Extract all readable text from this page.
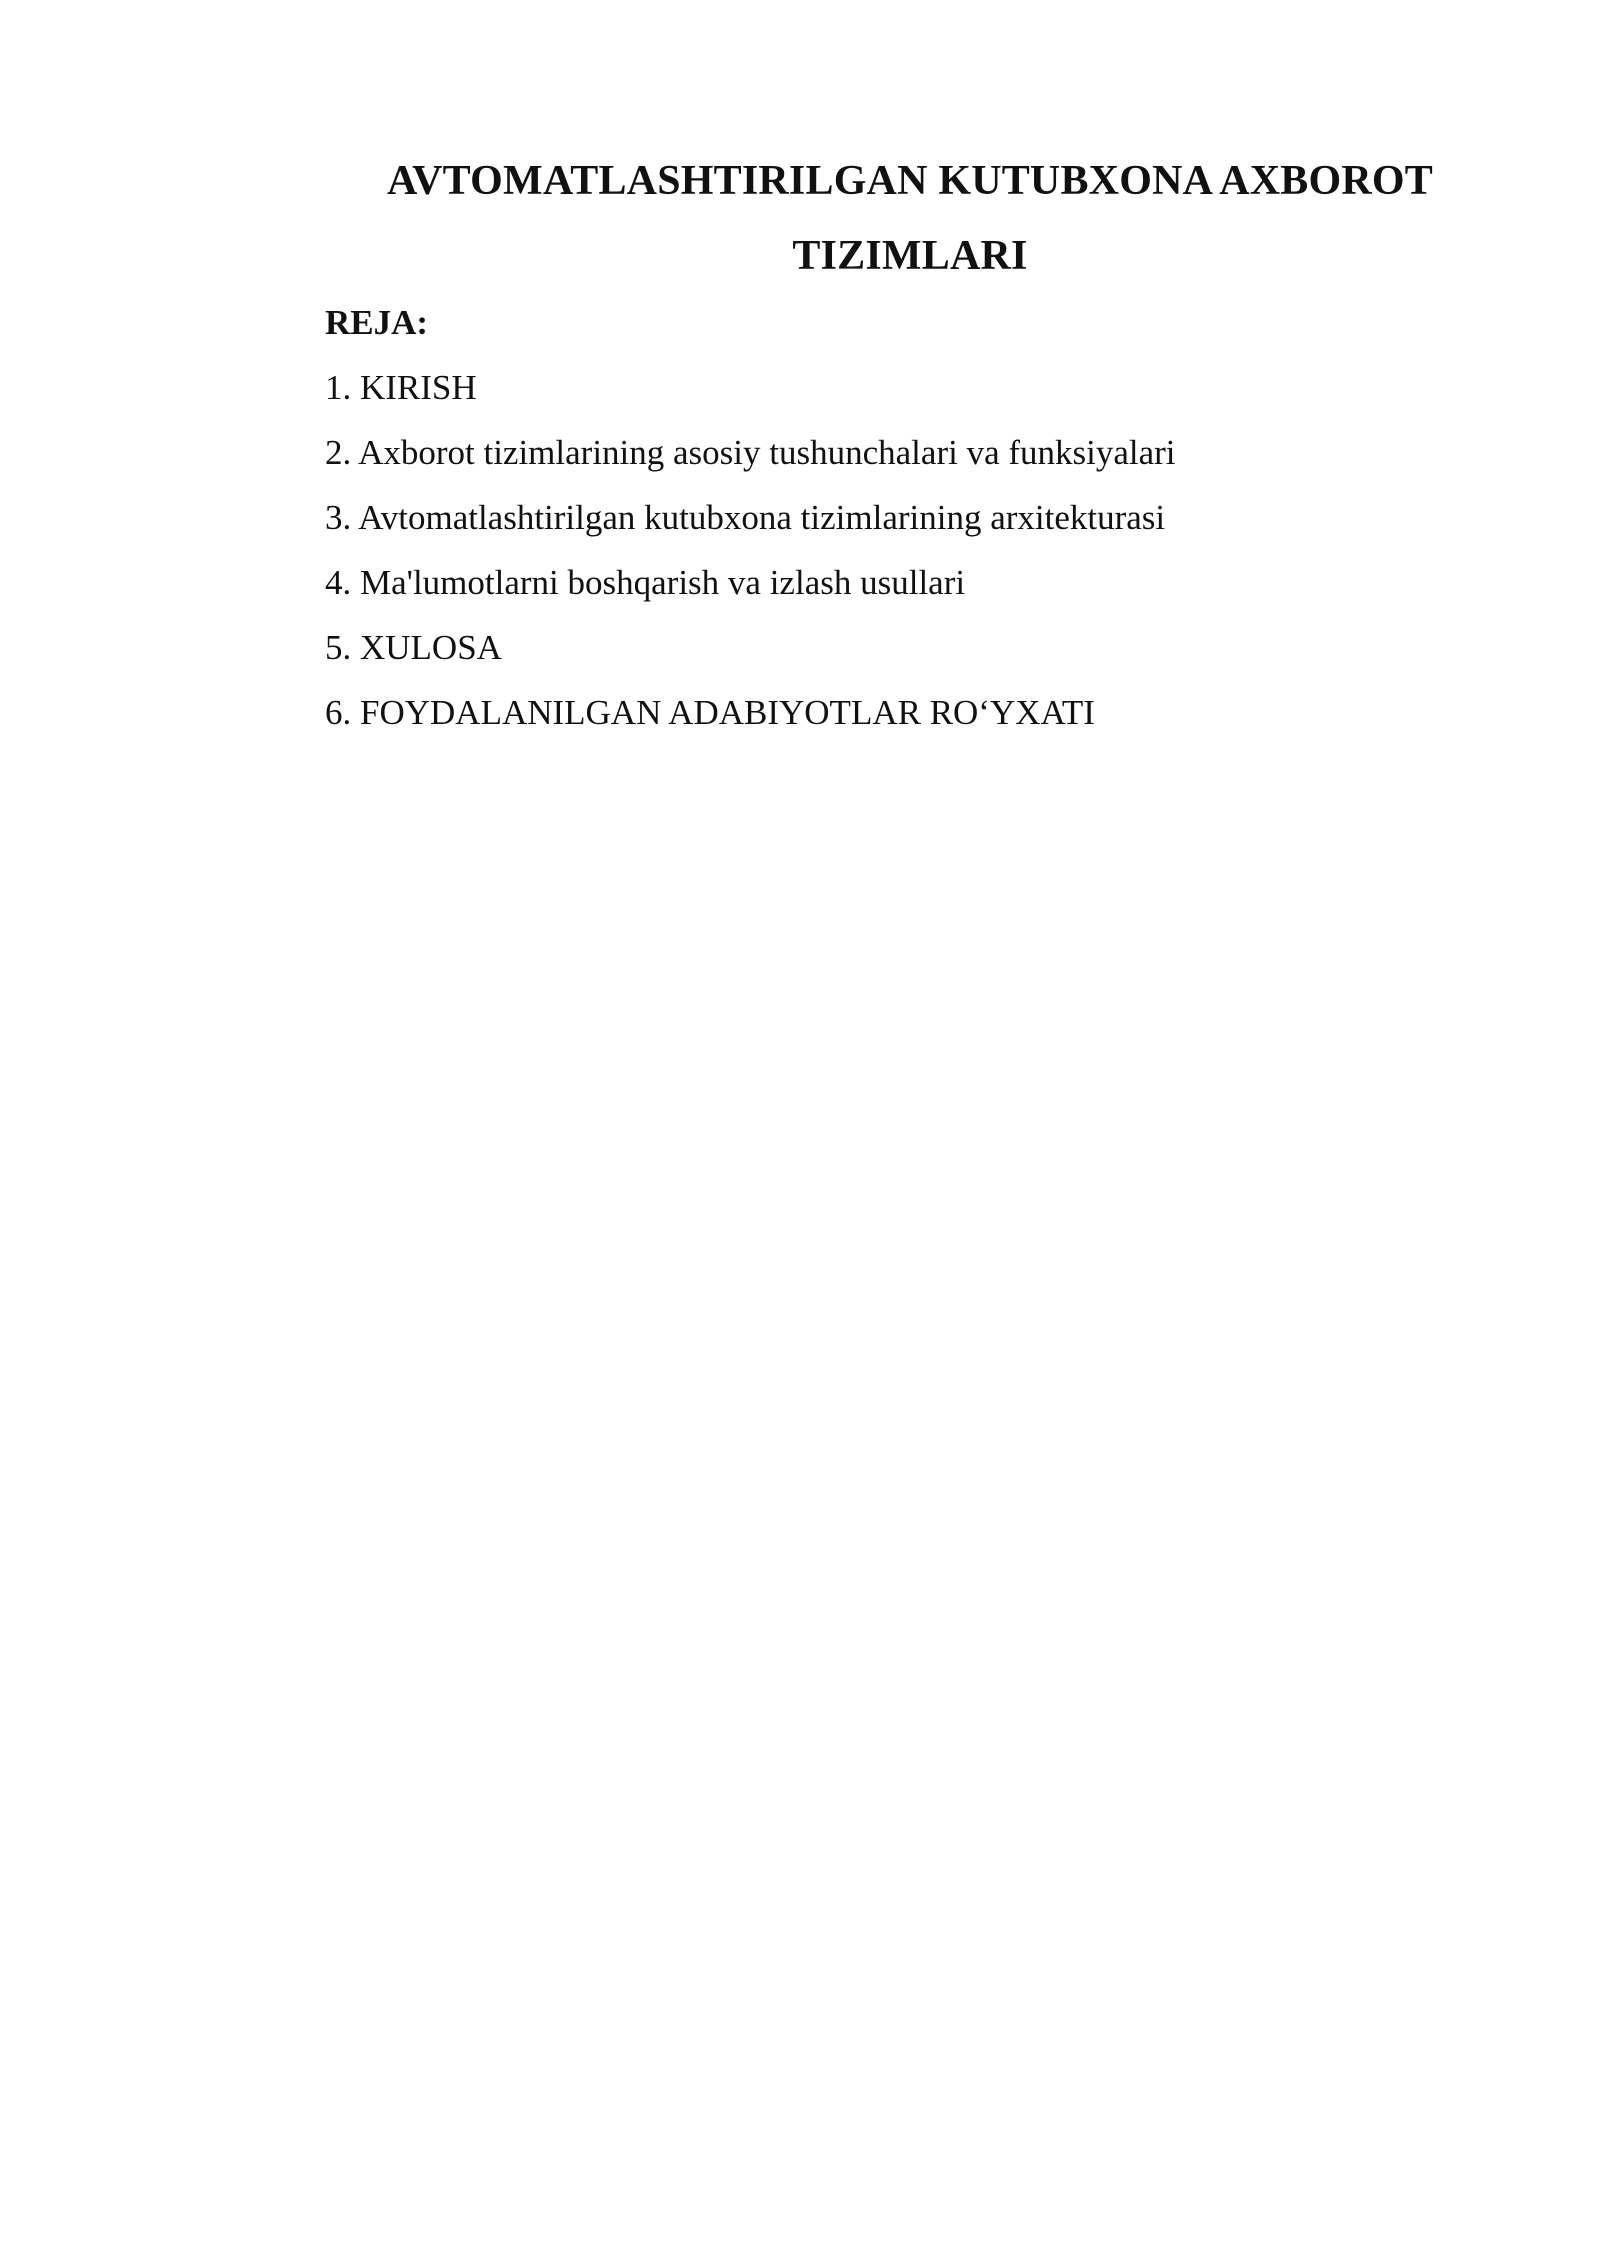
AVTOMATLASHTIRILGAN KUTUBXONA AXBOROT TIZIMLARI

REJA:

1. KIRISH
2. Axborot tizimlarining asosiy tushunchalari va funksiyalari
3. Avtomatlashtirilgan kutubxona tizimlarining arxitekturasi
4. Ma'lumotlarni boshqarish va izlash usullari
5. XULOSA
6. FOYDALANILGAN ADABIYOTLAR RO‘YXATI
